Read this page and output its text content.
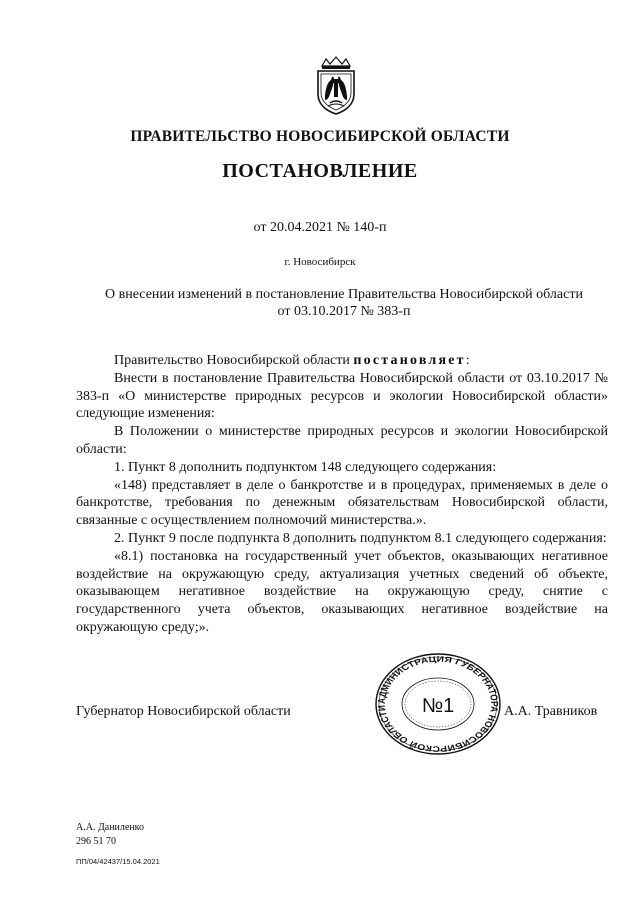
ПРАВИТЕЛЬСТВО НОВОСИБИРСКОЙ ОБЛАСТИ
ПОСТАНОВЛЕНИЕ
от 20.04.2021 № 140-п
г. Новосибирск
О внесении изменений в постановление Правительства Новосибирской области
от 03.10.2017 № 383-п

Правительство Новосибирской области постановляет:

Внести в постановление Правительства Новосибирской области от 03.10.2017 № 383-п «О министерстве природных ресурсов и экологии Новосибирской области» следующие изменения:

В Положении о министерстве природных ресурсов и экологии Новосибирской области:

1. Пункт 8 дополнить подпунктом 148 следующего содержания:

«148) представляет в деле о банкротстве и в процедурах, применяемых в деле о банкротстве, требования по денежным обязательствам Новосибирской области, связанные с осуществлением полномочий министерства.».

2. Пункт 9 после подпункта 8 дополнить подпунктом 8.1 следующего содержания:

«8.1) постановка на государственный учет объектов, оказывающих негативное воздействие на окружающую среду, актуализация учетных сведений об объекте, оказывающем негативное воздействие на окружающую среду, снятие с государственного учета объектов, оказывающих негативное воздействие на окружающую среду;».

Губернатор Новосибирской области
АДМИНИСТРАЦИЯ ГУБЕРНАТОРА НОВОСИБИРСКОЙ ОБЛАСТИ	№1	А.А. Травников
А.А. Даниленко
296 51 70
ПП/04/42437/15.04.2021
